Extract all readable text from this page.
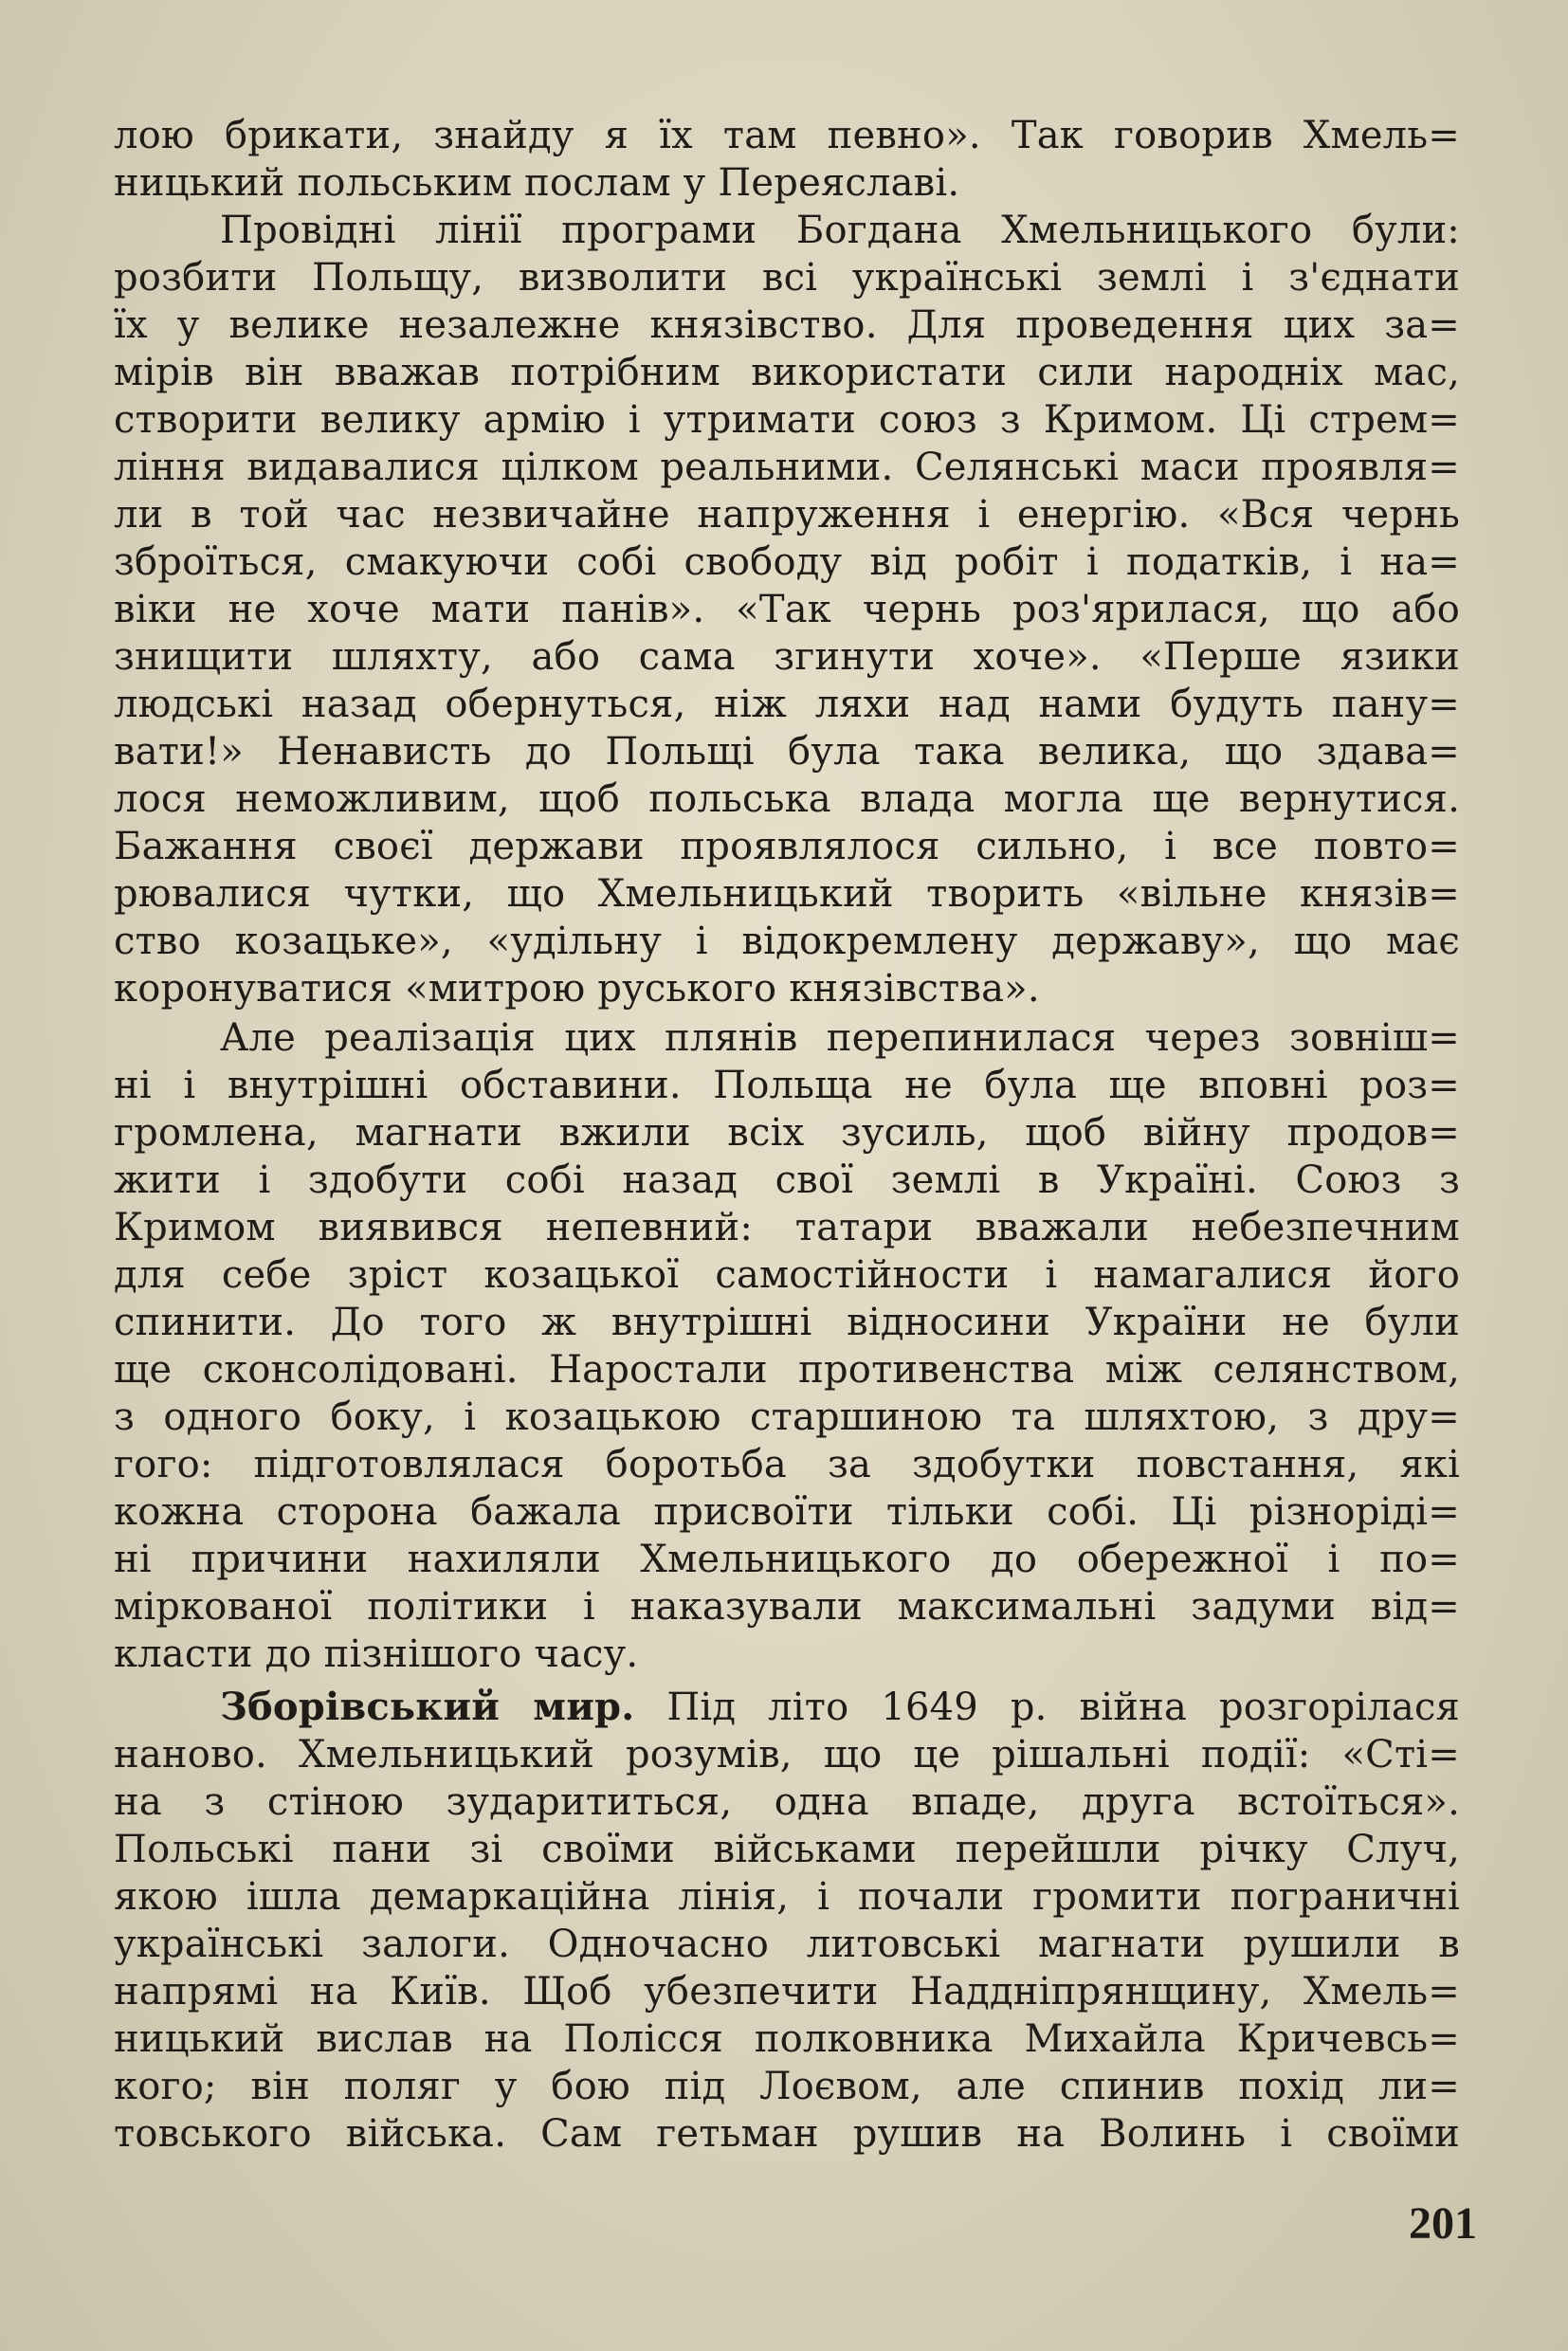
лою брикати, знайду я їх там певно». Так говорив Хмель=
ницький польським послам у Переяславі.
Провідні лінії програми Богдана Хмельницького були:
розбити Польщу, визволити всі українські землі і з'єднати
їх у велике незалежне князівство. Для проведення цих за=
мірів він вважав потрібним використати сили народніх мас,
створити велику армію і утримати союз з Кримом. Ці стрем=
ління видавалися цілком реальними. Селянські маси проявля=
ли в той час незвичайне напруження і енергію. «Вся чернь
зброїться, смакуючи собі свободу від робіт і податків, і на=
віки не хоче мати панів». «Так чернь роз'ярилася, що або
знищити шляхту, або сама згинути хоче». «Перше язики
людські назад обернуться, ніж ляхи над нами будуть пану=
вати!» Ненависть до Польщі була така велика, що здава=
лося неможливим, щоб польська влада могла ще вернутися.
Бажання своєї держави проявлялося сильно, і все повто=
рювалися чутки, що Хмельницький творить «вільне князів=
ство козацьке», «удільну і відокремлену державу», що має
коронуватися «митрою руського князівства».
Але реалізація цих плянів перепинилася через зовніш=
ні і внутрішні обставини. Польща не була ще вповні роз=
громлена, магнати вжили всіх зусиль, щоб війну продов=
жити і здобути собі назад свої землі в Україні. Союз з
Кримом виявився непевний: татари вважали небезпечним
для себе зріст козацької самостійности і намагалися його
спинити. До того ж внутрішні відносини України не були
ще сконсолідовані. Наростали противенства між селянством,
з одного боку, і козацькою старшиною та шляхтою, з дру=
гого: підготовлялася боротьба за здобутки повстання, які
кожна сторона бажала присвоїти тільки собі. Ці різноріді=
ні причини нахиляли Хмельницького до обережної і по=
міркованої політики і наказували максимальні задуми від=
класти до пізнішого часу.
Зборівський мир. Під літо 1649 р. війна розгорілася
наново. Хмельницький розумів, що це рішальні події: «Сті=
на з стіною зударититься, одна впаде, друга встоїться».
Польські пани зі своїми військами перейшли річку Случ,
якою ішла демаркаційна лінія, і почали громити пограничні
українські залоги. Одночасно литовські магнати рушили в
напрямі на Київ. Щоб убезпечити Наддніпрянщину, Хмель=
ницький вислав на Полісся полковника Михайла Кричевсь=
кого; він поляг у бою під Лоєвом, але спинив похід ли=
товського війська. Сам гетьман рушив на Волинь і своїми
201
